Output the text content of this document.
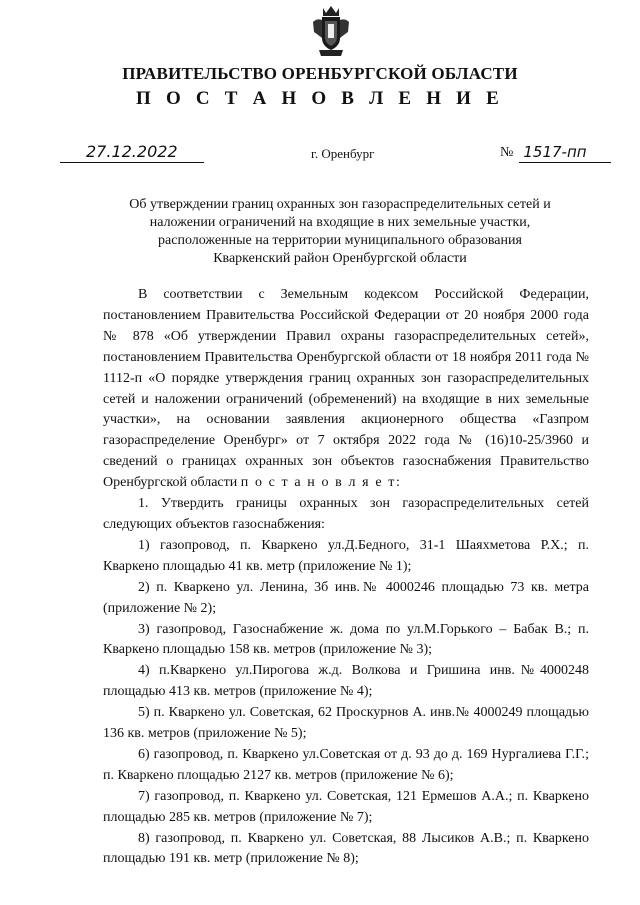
ПРАВИТЕЛЬСТВО ОРЕНБУРГСКОЙ ОБЛАСТИ
П О С Т А Н О В Л Е Н И Е
27.12.2022	г. Оренбург	№ 1517-пп
Об утверждении границ охранных зон газораспределительных сетей и
наложении ограничений на входящие в них земельные участки,
расположенные на территории муниципального образования
Кваркенский район Оренбургской области

В соответствии с Земельным кодексом Российской Федерации, постановлением Правительства Российской Федерации от 20 ноября 2000 года № 878 «Об утверждении Правил охраны газораспределительных сетей», постановлением Правительства Оренбургской области от 18 ноября 2011 года № 1112-п «О порядке утверждения границ охранных зон газораспределительных сетей и наложении ограничений (обременений) на входящие в них земельные участки», на основании заявления акционерного общества «Газпром газораспределение Оренбург» от 7 октября 2022 года № (16)10-25/3960 и сведений о границах охранных зон объектов газоснабжения Правительство Оренбургской области п о с т а н о в л я е т:

1. Утвердить границы охранных зон газораспределительных сетей следующих объектов газоснабжения:

1) газопровод, п. Кваркено ул.Д.Бедного, 31-1 Шаяхметова Р.Х.; п. Кваркено площадью 41 кв. метр (приложение № 1);

2) п. Кваркено ул. Ленина, 3б инв.№ 4000246 площадью 73 кв. метра (приложение № 2);

3) газопровод, Газоснабжение ж. дома по ул.М.Горького – Бабак В.; п. Кваркено площадью 158 кв. метров (приложение № 3);

4) п.Кваркено ул.Пирогова ж.д. Волкова и Гришина инв.№4000248 площадью 413 кв. метров (приложение № 4);

5) п. Кваркено ул. Советская, 62 Проскурнов А. инв.№ 4000249 площадью 136 кв. метров (приложение № 5);

6) газопровод, п. Кваркено ул.Советская от д. 93 до д. 169 Нургалиева Г.Г.; п. Кваркено площадью 2127 кв. метров (приложение № 6);

7) газопровод, п. Кваркено ул. Советская, 121 Ермешов А.А.; п. Кваркено площадью 285 кв. метров (приложение № 7);

8) газопровод, п. Кваркено ул. Советская, 88 Лысиков А.В.; п. Кваркено площадью 191 кв. метр (приложение № 8);
